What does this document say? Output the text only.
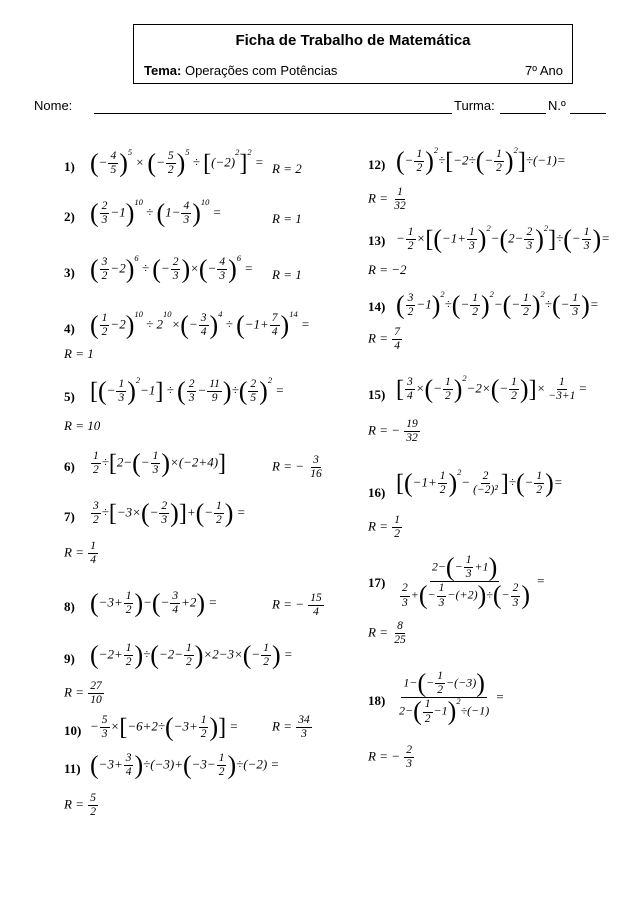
Ficha de Trabalho de Matemática
Tema: Operações com Potências	7º Ano
Nome:	Turma:	N.º
1) (− $\frac{4}{5} )^5$ × (− $\frac{5}{2} )^5 \div [(-2)^2]^2 = R = 2$
2) ( $\frac{2}{3} -1)^{10} \div (1- \frac{4}{3} )^{10}$ =	R = 1
3) ( $\frac{3}{2} -2)^6$ ÷ (− $\frac{2}{3}$ )×(− $\frac{4}{3} )^6 = R = 1$
4) ( $\frac{1}{2} -2)^{10} \div 2^{10}\times(- \frac{3}{4} )^4 \div (-1+ \frac{7}{4} )^{14}$ =
R = 1
5) [(− $\frac{1}{3} )^2-1$] ÷ ( $\frac{2}{3} - \frac{11}{9}$ )÷( $\frac{2}{5} )^2$ =
R = 10
$6) \frac{1}{2} \div[2-(- \frac{1}{3} )\times(-2+4)]$	R = − $\frac{3}{16}$
$7) \frac{3}{2} \div[-3\times(- \frac{2}{3}$ )]+(− $\frac{1}{2}$ ) =
$R = \frac{1}{4}$
8) ($-3+ \frac{1}{2}$ )−(− $\frac{3}{4} +2$) =	R = − $\frac{15}{4}$
9) $(-2+ \frac{1}{2} )\div(-2- \frac{1}{2} )\times 2-3\times(- \frac{1}{2}$ ) =
$R = \frac{27}{10}$
$10) - \frac{5}{3} \times[-6+2\div(-3+ \frac{1}{2}$ )] =	$R = \frac{34}{3}$
11) $(-3+ \frac{3}{4} )\div(-3)+(-3- \frac{1}{2} )\div(-2)$ =
$R = \frac{5}{2}$
12) (− $\frac{1}{2} )^2\div[-2\div(- \frac{1}{2} )^2]\div(-1)=$
$R = \frac{1}{32}$
$13) - \frac{1}{2} \times[(-1+ \frac{1}{3} )^2-(2- \frac{2}{3} )^2]\div(- \frac{1}{3}$ )=
R = −2
14) ( $\frac{3}{2} -1)^2\div(- \frac{1}{2} )^2-(- \frac{1}{2} )^2\div(- \frac{1}{3}$ )=
$R = \frac{7}{4}$
15) [ $\frac{3}{4}$ ×(− $\frac{1}{2} )^2-2\times(- \frac{1}{2}$ )]× $\frac{1}{-3+1}$ =
R = − $\frac{19}{32}$
16) [$(-1+ \frac{1}{2} )^2- \frac{2}{\text{(−2)²}}$ ]÷(− $\frac{1}{2}$ )=
$R = \frac{1}{2}$
$17) \frac{2-(- \frac{1}{3} +1)}{\frac{2}{3} +(- \frac{1}{3} -(+2))\div(- \frac{2}{3} )}$ =
$R = \frac{8}{25}$
$18) \frac{1-(- \frac{1}{2} -(-3))}{2-( \frac{1}{2} -1)^2\div(-1)}$ =
R = − $\frac{2}{3}$
